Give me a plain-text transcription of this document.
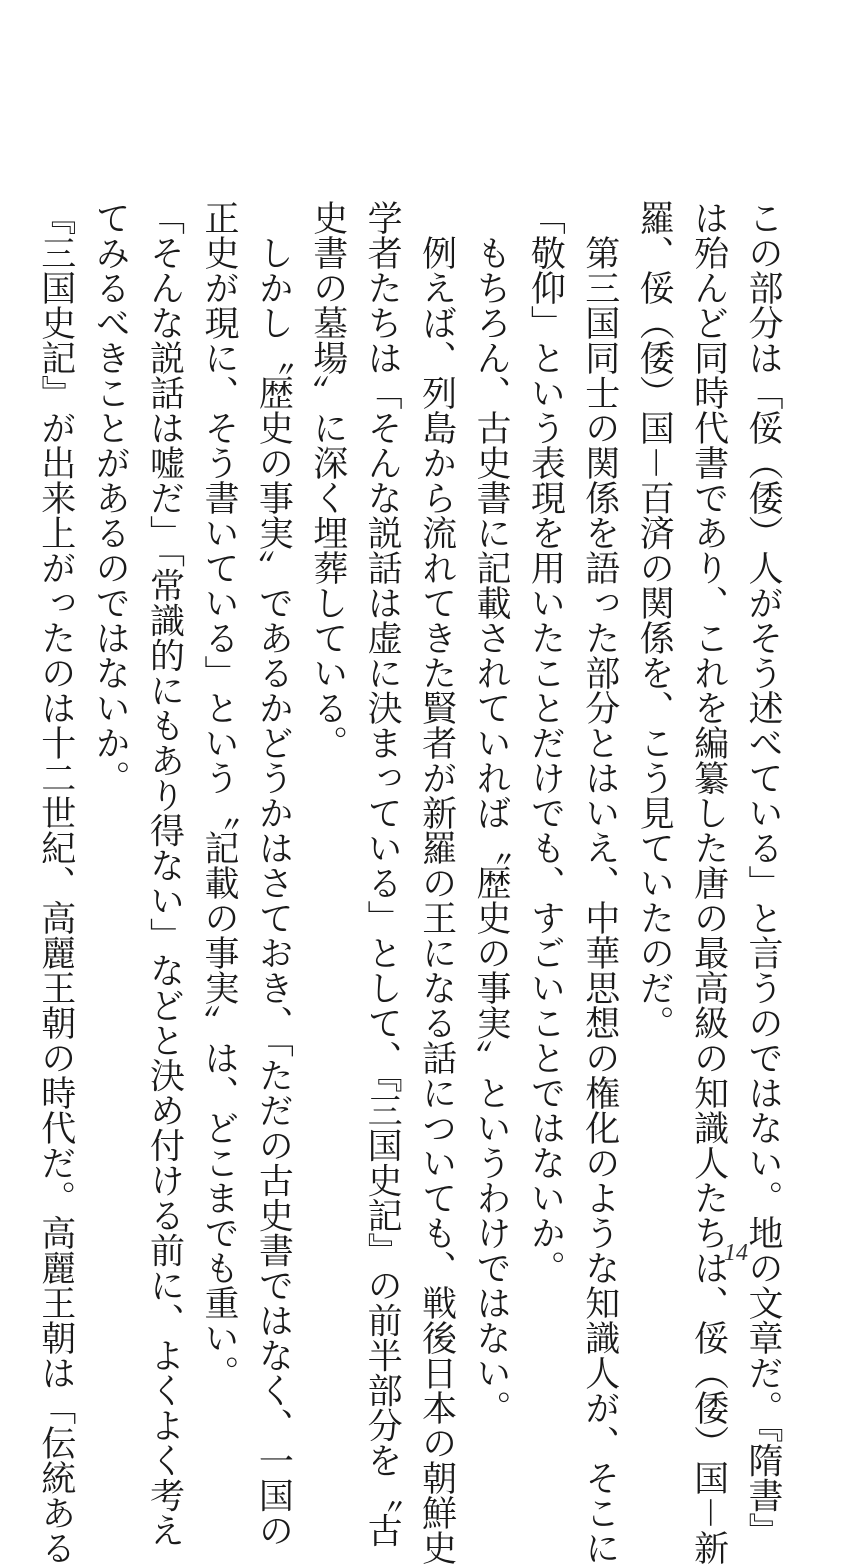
この部分は「俀（倭）人がそう述べている」と言うのではない。地の文章だ。『隋書』
は殆んど同時代書であり、これを編纂した唐の最高級の知識人たちは、俀（倭）国－新
羅、俀（倭）国－百済の関係を、こう見ていたのだ。
　第三国同士の関係を語った部分とはいえ、中華思想の権化のような知識人が、そこに
「敬仰」という表現を用いたことだけでも、すごいことではないか。
　もちろん、古史書に記載されていれば〝歴史の事実〟というわけではない。
　例えば、列島から流れてきた賢者が新羅の王になる話についても、戦後日本の朝鮮史
学者たちは「そんな説話は虚に決まっている」として、『三国史記』の前半部分を〝古
史書の墓場〟に深く埋葬している。
　しかし〝歴史の事実〟であるかどうかはさておき、「ただの古史書ではなく、一国の
正史が現に、そう書いている」という〝記載の事実〟は、どこまでも重い。
「そんな説話は嘘だ」「常識的にもあり得ない」などと決め付ける前に、よくよく考え
てみるべきことがあるのではないか。
『三国史記』が出来上がったのは十二世紀、高麗王朝の時代だ。高麗王朝は「伝統ある	14
